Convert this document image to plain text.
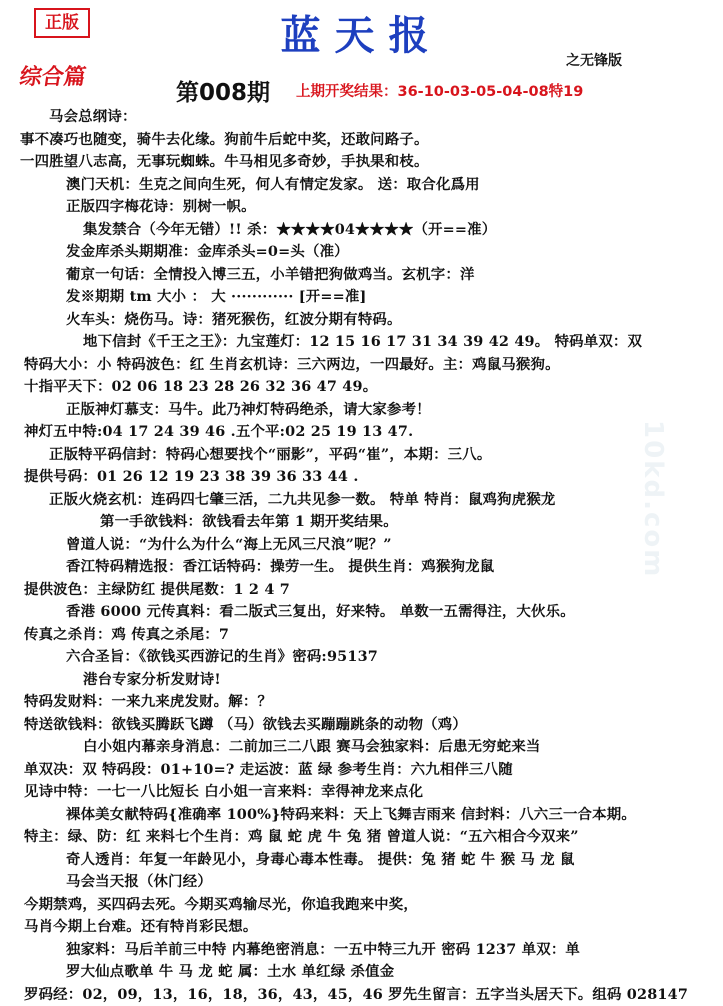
正版	蓝天报
之无锋版
综合篇
第008期 上期开奖结果：36-10-03-05-04-08特19
10kd.com
马会总纲诗：
事不凑巧也随变，骑牛去化缘。狗前牛后蛇中奖，还敢问路子。
一四胜望八志高，无事玩蜘蛛。牛马相见多奇妙，手执果和枝。
澳门天机：生克之间向生死，何人有情定发家。 送：取合化爲用
正版四字梅花诗：别树一帜。
集发禁合（今年无错）!! 杀：★★★★04★★★★（开==准）
发金库杀头期期准：金库杀头=0=头（准）
葡京一句话：全情投入博三五，小羊错把狗做鸡当。玄机字：洋
发※期期 tm 大小 ： 大 ············ [开==准]
火车头：烧伤马。诗：猪死猴伤，红波分期有特码。
地下信封《千王之王》：九宝莲灯：12 15 16 17 31 34 39 42 49。 特码单双：双
特码大小：小 特码波色：红 生肖玄机诗：三六两边，一四最好。主：鸡鼠马猴狗。
十指平天下：02 06 18 23 28 26 32 36 47 49。
正版神灯慕支：马牛。此乃神灯特码绝杀，请大家参考！
神灯五中特:04 17 24 39 46 .五个平:02 25 19 13 47.
正版特平码信封：特码心想要找个“丽影”，平码“崔”，本期：三八。
提供号码：01 26 12 19 23 38 39 36 33 44 .
正版火烧玄机：连码四七肇三活，二九共见参一数。 特单 特肖：鼠鸡狗虎猴龙
第一手欲钱料：欲钱看去年第 1 期开奖结果。
曾道人说：“为什么为什么“海上无风三尺浪”呢？”
香江特码精选报：香江话特码：操劳一生。 提供生肖：鸡猴狗龙鼠
提供波色：主绿防红 提供尾数：1 2 4 7
香港 6000 元传真料：看二版式三复出，好来特。 单数一五需得注，大伙乐。
传真之杀肖：鸡 传真之杀尾：7
六合圣旨：《欲钱买西游记的生肖》密码:95137
港台专家分析发财诗!
特码发财料：一来九来虎发财。解：？
特送欲钱料：欲钱买腾跃飞蹲 （马）欲钱去买蹦蹦跳条的动物（鸡）
白小姐内幕亲身消息：二前加三二八跟 赛马会独家料：后患无穷蛇来当
单双决：双 特码段：01+10=? 走运波：蓝 绿 参考生肖：六九相伴三八随
见诗中特：一七一八比短长 白小姐一言来料：幸得神龙来点化
裸体美女献特码{准确率 100%}特码来料：天上飞舞吉雨来 信封料：八六三一合本期。
特主：绿、防：红 来料七个生肖：鸡 鼠 蛇 虎 牛 兔 猪 曾道人说：“五六相合今双来”
奇人透肖：年复一年龄见小，身毒心毒本性毒。 提供：兔 猪 蛇 牛 猴 马 龙 鼠
马会当天报（休门经）
今期禁鸡，买四码去死。今期买鸡输尽光，你追我跑来中奖，
马肖今期上台难。还有特肖彩民想。
独家料：马后羊前三中特 内幕绝密消息：一五中特三九开 密码 1237 单双：单
罗大仙点歌单 牛 马 龙 蛇 属：土水 单红绿 杀值金
罗码经：02，09，13，16，18，36，43，45，46 罗先生留言：五字当头居天下。组码 028147
